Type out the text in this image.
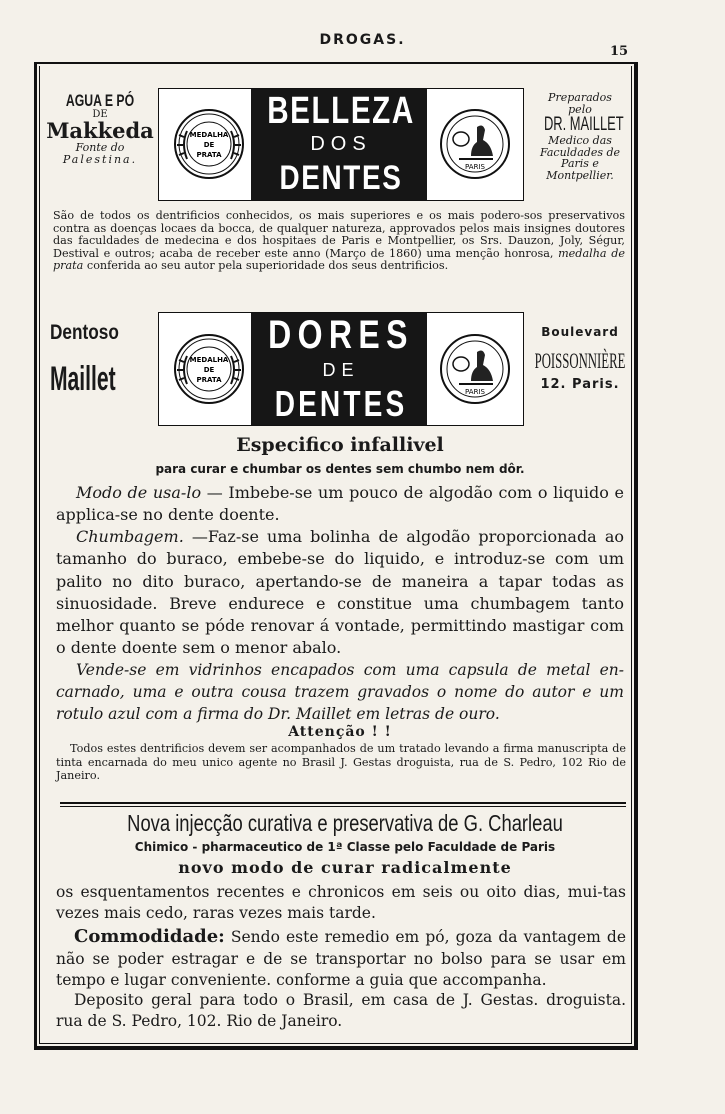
DROGAS.
15
AGUA E PÓ
DE
Makkeda
Fonte do
Palestina.
BELLEZA
DOS
DENTES
MEDALHA
DE
PRATA
PARIS
Preparados
pelo
DR. MAILLET
Medico das
Faculdades de
Paris e
Montpellier.

São de todos os dentrificios conhecidos, os mais superiores e os mais podero-sos preservativos contra as doenças locaes da bocca, de qualquer natureza, approvados pelos mais insignes doutores das faculdades de medecina e dos hospitaes de Paris e Montpellier, os Srs. Dauzon, Joly, Ségur, Destival e outros; acaba de receber este anno (Março de 1860) uma menção honrosa, medalha de prata conferida ao seu autor pela superioridade dos seus dentrificios.

Dentoso
Maillet
DORES
DE
DENTES
MEDALHA
DE
PRATA
PARIS
Boulevard
POISSONNIÈRE
12. Paris.
Especifico infallivel
para curar e chumbar os dentes sem chumbo nem dôr.

Modo de usa-lo — Imbebe-se um pouco de algodão com o liquido e applica-se no dente doente.

Chumbagem. —Faz-se uma bolinha de algodão proporcionada ao tamanho do buraco, embebe-se do liquido, e introduz-se com um palito no dito buraco, apertando-se de maneira a tapar todas as sinuosidade. Breve endurece e constitue uma chumbagem tanto melhor quanto se póde renovar á vontade, permittindo mastigar com o dente doente sem o menor abalo.

Vende-se em vidrinhos encapados com uma capsula de metal en-carnado, uma e outra cousa trazem gravados o nome do autor e um rotulo azul com a firma do Dr. Maillet em letras de ouro.

Attenção ! !

Todos estes dentrificios devem ser acompanhados de um tratado levando a firma manuscripta de tinta encarnada do meu unico agente no Brasil J. Gestas droguista, rua de S. Pedro, 102 Rio de Janeiro.

Nova injecção curativa e preservativa de G. Charleau
Chimico - pharmaceutico de 1ª Classe pelo Faculdade de Paris
novo modo de curar radicalmente

os esquentamentos recentes e chronicos em seis ou oito dias, mui-tas vezes mais cedo, raras vezes mais tarde.

Commodidade: Sendo este remedio em pó, goza da vantagem de não se poder estragar e de se transportar no bolso para se usar em tempo e lugar conveniente. conforme a guia que accompanha.

Deposito geral para todo o Brasil, em casa de J. Gestas. droguista. rua de S. Pedro, 102. Rio de Janeiro.
